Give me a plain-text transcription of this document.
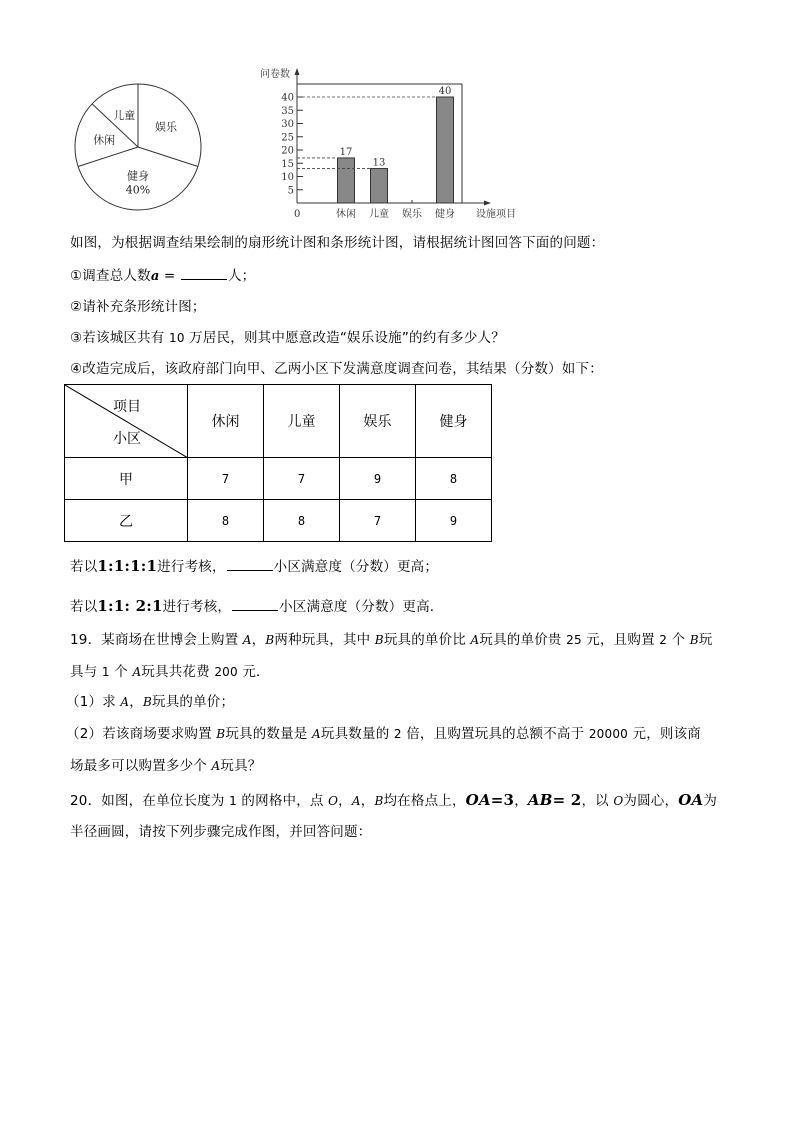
娱乐
健身
40%
休闲
儿童
问卷数
设施项目
0
5
10
15
20
25
30
35
40
休闲
17
儿童
13
娱乐 健身
40
如图，为根据调查结果绘制的扇形统计图和条形统计图，请根据统计图回答下面的问题：
①调查总人数a =	人；
②请补充条形统计图；
③若该城区共有 10 万居民，则其中愿意改造“娱乐设施”的约有多少人？
④改造完成后，该政府部门向甲、乙两小区下发满意度调查问卷，其结果（分数）如下：
项目
小区	休闲	儿童	娱乐	健身
甲	7	7	9	8
乙	8	8	7	9
若以1:1:1:1进行考核，	小区满意度（分数）更高；
若以1:1: 2:1进行考核，	小区满意度（分数）更高．
19．某商场在世博会上购置 A，B两种玩具，其中 B玩具的单价比 A玩具的单价贵 25 元，且购置 2 个 B玩
具与 1 个 A玩具共花费 200 元．
（1）求 A，B玩具的单价；
（2）若该商场要求购置 B玩具的数量是 A玩具数量的 2 倍，且购置玩具的总额不高于 20000 元，则该商
场最多可以购置多少个 A玩具？
20．如图，在单位长度为 1 的网格中，点 O，A，B均在格点上，OA=3，AB= 2，以 O为圆心，OA为
半径画圆，请按下列步骤完成作图，并回答问题：
